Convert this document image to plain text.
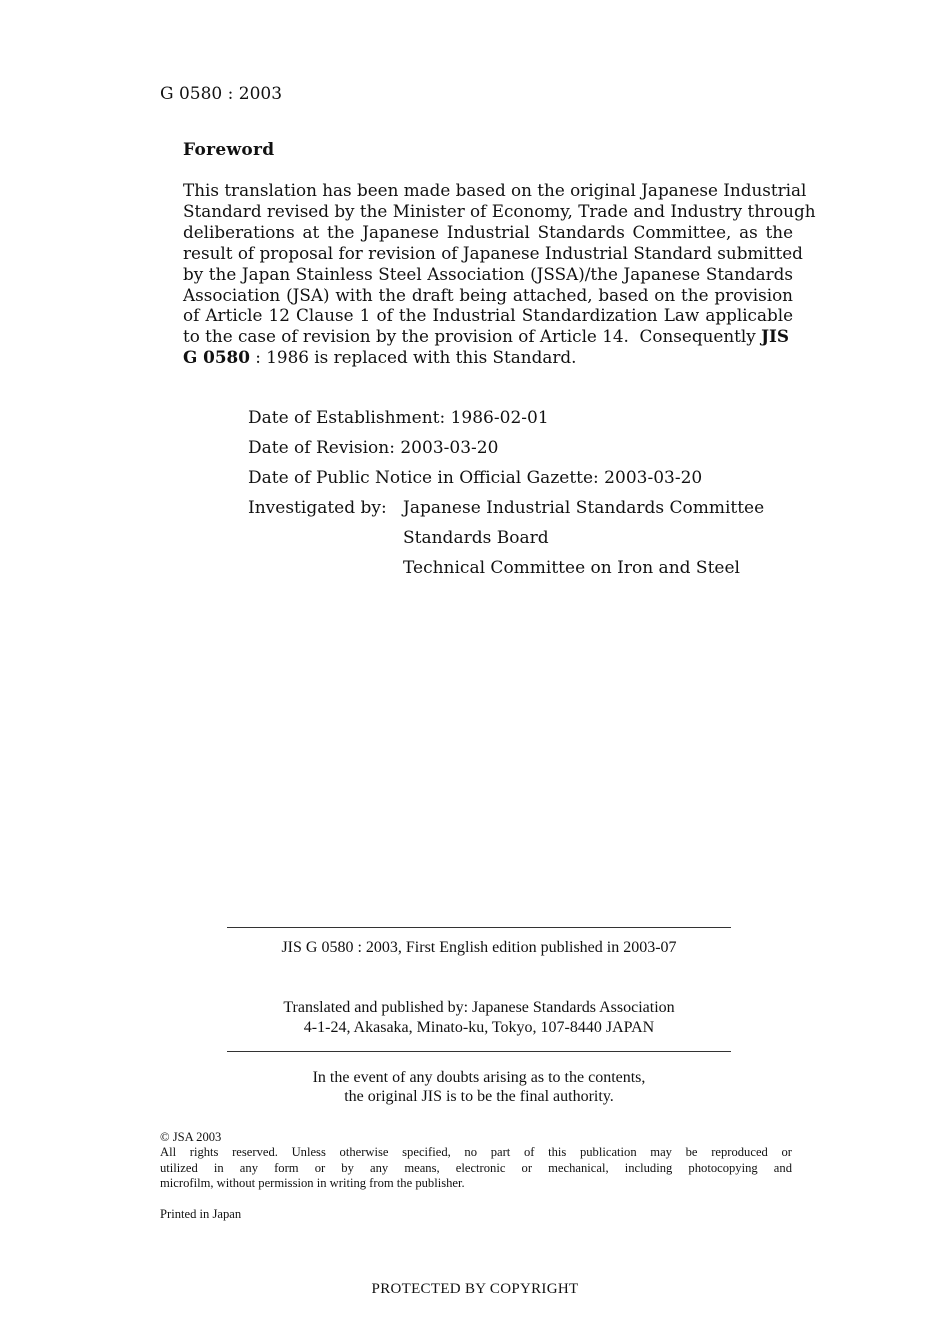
G 0580 : 2003
Foreword
This translation has been made based on the original Japanese Industrial
Standard revised by the Minister of Economy, Trade and Industry through
deliberations at the Japanese Industrial Standards Committee, as the
result of proposal for revision of Japanese Industrial Standard submitted
by the Japan Stainless Steel Association (JSSA)/the Japanese Standards
Association (JSA) with the draft being attached, based on the provision
of Article 12 Clause 1 of the Industrial Standardization Law applicable
to the case of revision by the provision of Article 14.  Consequently JIS
G 0580 : 1986 is replaced with this Standard.
Date of Establishment: 1986-02-01
Date of Revision: 2003-03-20
Date of Public Notice in Official Gazette: 2003-03-20
Investigated by: Japanese Industrial Standards Committee
Standards Board
Technical Committee on Iron and Steel
JIS G 0580 : 2003, First English edition published in 2003-07
Translated and published by: Japanese Standards Association
4-1-24, Akasaka, Minato-ku, Tokyo, 107-8440 JAPAN
In the event of any doubts arising as to the contents,
the original JIS is to be the final authority.
© JSA 2003
All rights reserved. Unless otherwise specified, no part of this publication may be reproduced or
utilized in any form or by any means, electronic or mechanical, including photocopying and
microfilm, without permission in writing from the publisher.
Printed in Japan
PROTECTED BY COPYRIGHT
